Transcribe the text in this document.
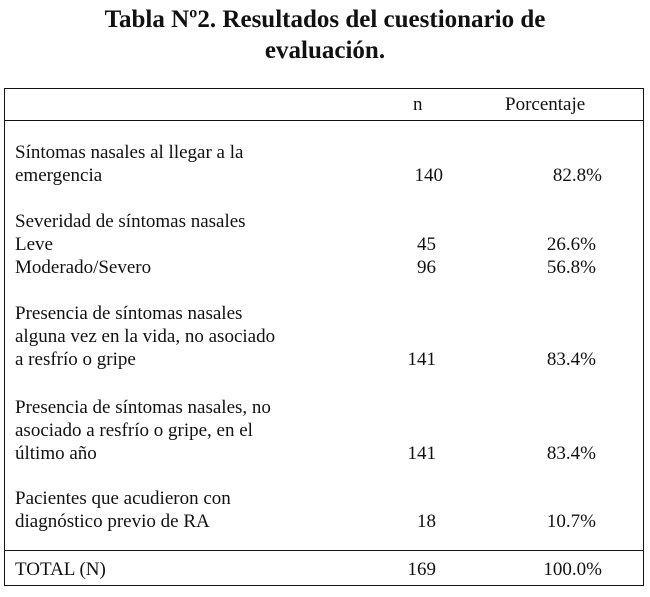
Tabla Nº2. Resultados del cuestionario de
evaluación.
n	Porcentaje
Síntomas nasales al llegar a la
emergencia	140	82.8%
Severidad de síntomas nasales
Leve	45	26.6%
Moderado/Severo	96	56.8%
Presencia de síntomas nasales
alguna vez en la vida, no asociado
a resfrío o gripe	141	83.4%
Presencia de síntomas nasales, no
asociado a resfrío o gripe, en el
último año	141	83.4%
Pacientes que acudieron con
diagnóstico previo de RA	18	10.7%
TOTAL (N)	169	100.0%
